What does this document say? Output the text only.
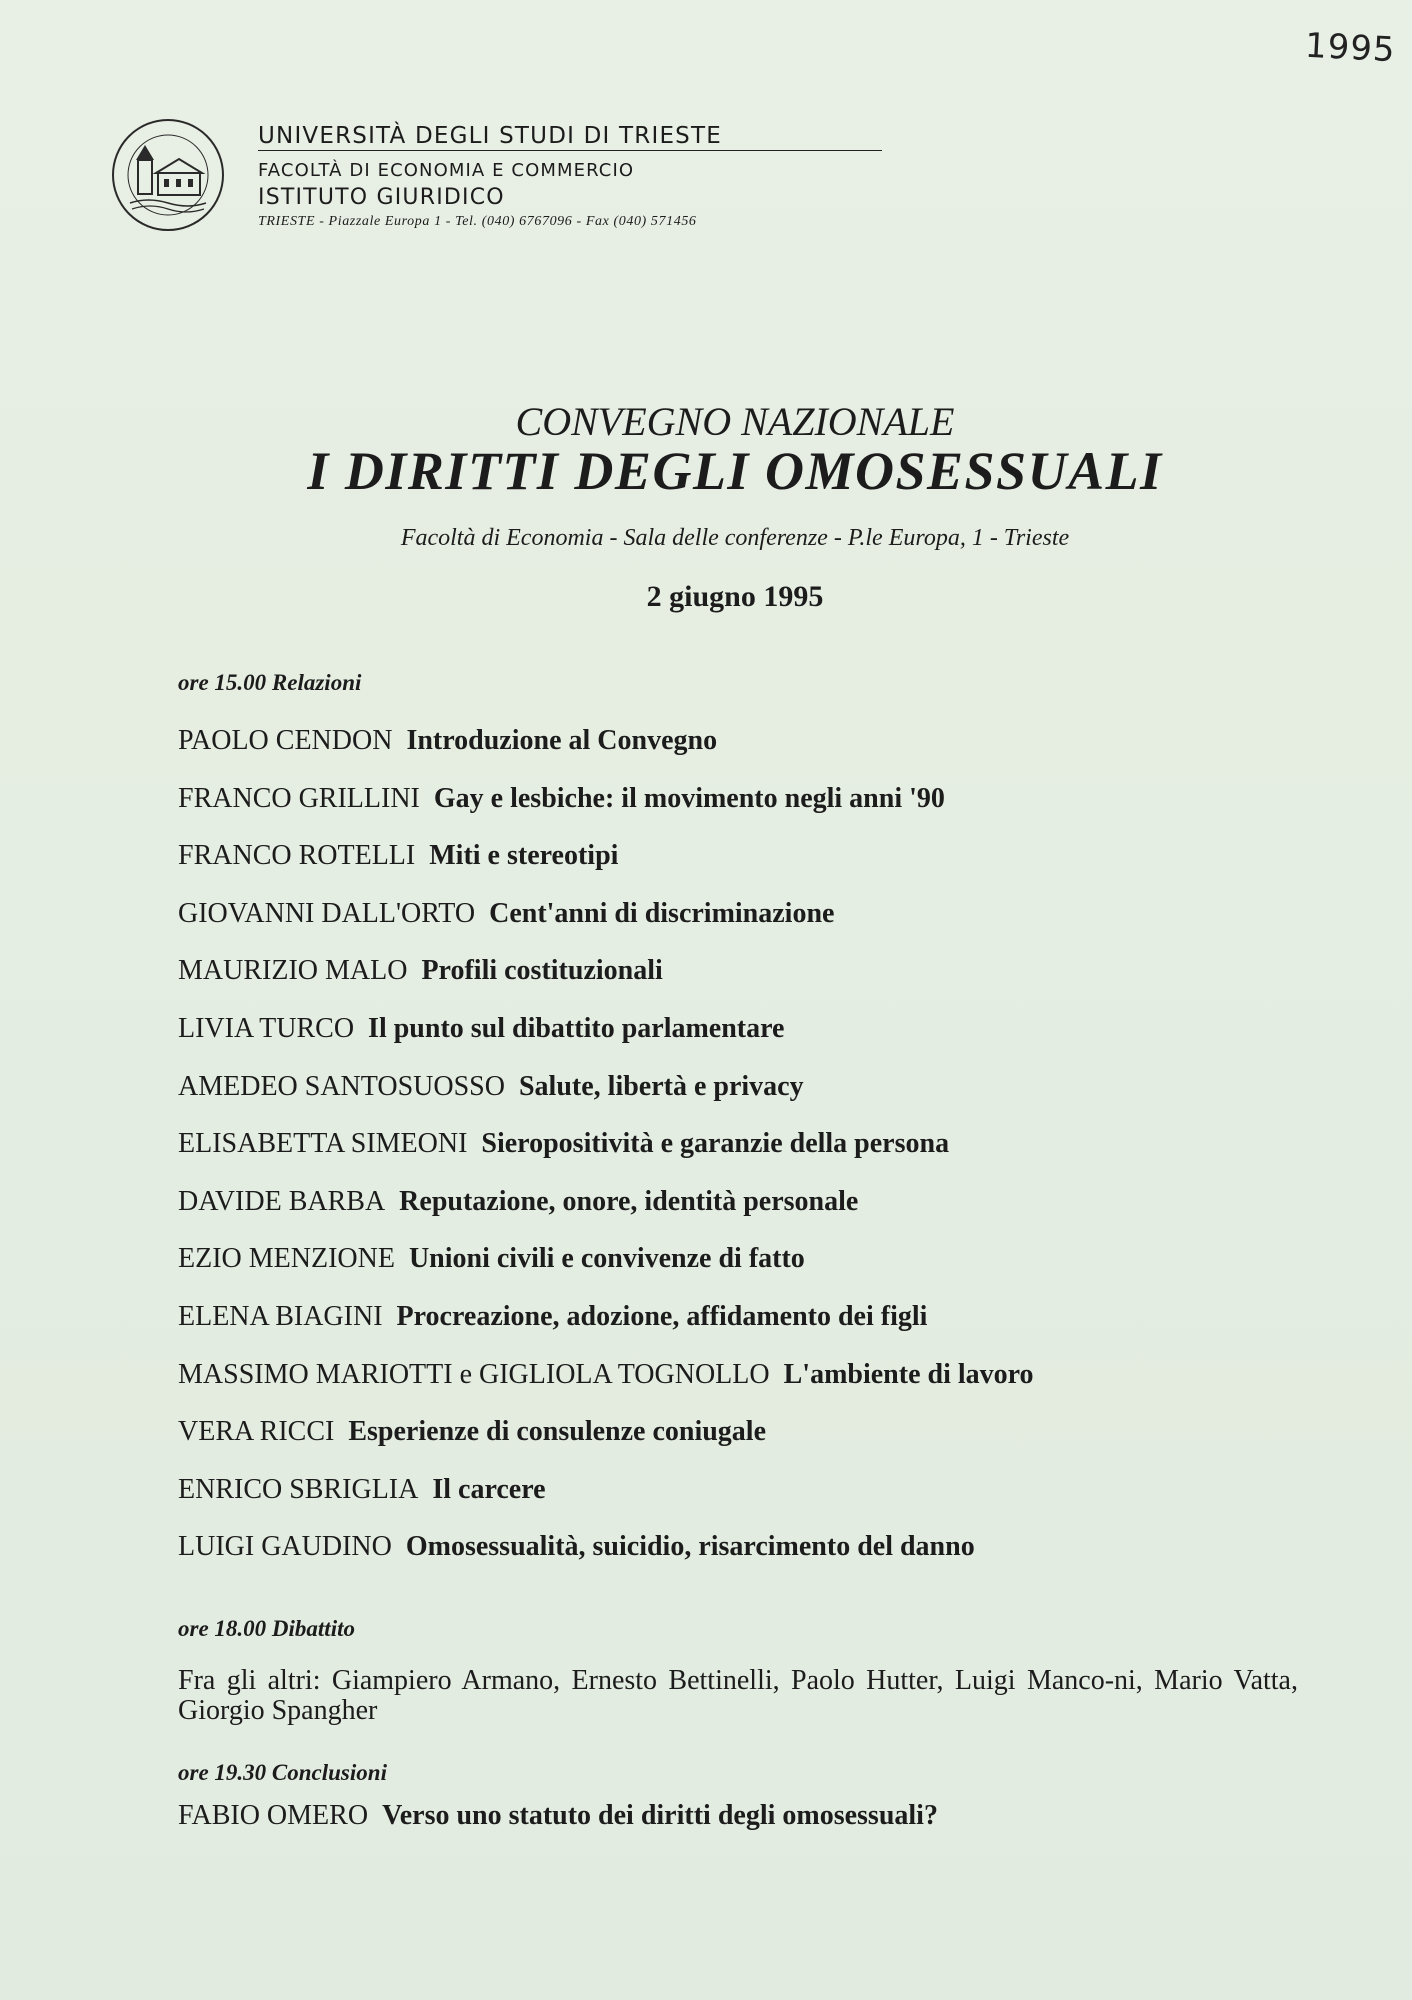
1995
UNIVERSITÀ DEGLI STUDI DI TRIESTE
FACOLTÀ DI ECONOMIA E COMMERCIO
ISTITUTO GIURIDICO
TRIESTE - Piazzale Europa 1 - Tel. (040) 6767096 - Fax (040) 571456
CONVEGNO NAZIONALE
I DIRITTI DEGLI OMOSESSUALI
Facoltà di Economia - Sala delle conferenze - P.le Europa, 1 - Trieste
2 giugno 1995
ore 15.00 Relazioni
PAOLO CENDON Introduzione al Convegno
FRANCO GRILLINI Gay e lesbiche: il movimento negli anni '90
FRANCO ROTELLI Miti e stereotipi
GIOVANNI DALL'ORTO Cent'anni di discriminazione
MAURIZIO MALO Profili costituzionali
LIVIA TURCO Il punto sul dibattito parlamentare
AMEDEO SANTOSUOSSO Salute, libertà e privacy
ELISABETTA SIMEONI Sieropositività e garanzie della persona
DAVIDE BARBA Reputazione, onore, identità personale
EZIO MENZIONE Unioni civili e convivenze di fatto
ELENA BIAGINI Procreazione, adozione, affidamento dei figli
MASSIMO MARIOTTI e GIGLIOLA TOGNOLLO L'ambiente di lavoro
VERA RICCI Esperienze di consulenze coniugale
ENRICO SBRIGLIA Il carcere
LUIGI GAUDINO Omosessualità, suicidio, risarcimento del danno
ore 18.00 Dibattito
Fra gli altri: Giampiero Armano, Ernesto Bettinelli, Paolo Hutter, Luigi Manco-ni, Mario Vatta, Giorgio Spangher
ore 19.30 Conclusioni
FABIO OMERO Verso uno statuto dei diritti degli omosessuali?
